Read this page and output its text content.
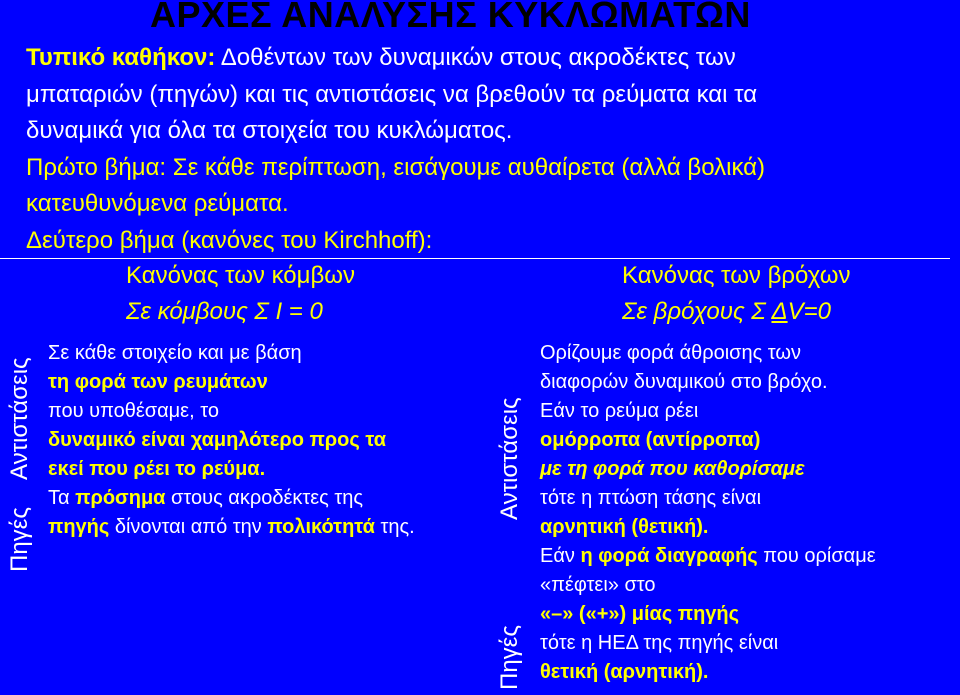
ΑΡΧΕΣ ΑΝΑΛΥΣΗΣ ΚΥΚΛΩΜΑΤΩΝ
Τυπικό καθήκον: Δοθέντων των δυναμικών στους ακροδέκτες των
μπαταριών (πηγών) και τις αντιστάσεις να βρεθούν τα ρεύματα και τα
δυναμικά για όλα τα στοιχεία του κυκλώματος.
Πρώτο βήμα: Σε κάθε περίπτωση, εισάγουμε αυθαίρετα (αλλά βολικά)
κατευθυνόμενα ρεύματα.
Δεύτερο βήμα (κανόνες του Kirchhoff):
Κανόνας των κόμβων
Σε κόμβους Σ I = 0
Κανόνας των βρόχων
Σε βρόχους Σ ΔV=0
Αντιστάσεις
Πηγές
Αντιστάσεις
Πηγές
Σε κάθε στοιχείο και με βάση
τη φορά των ρευμάτων
που υποθέσαμε, το
δυναμικό είναι χαμηλότερο προς τα
εκεί που ρέει το ρεύμα.
Τα πρόσημα στους ακροδέκτες της
πηγής δίνονται από την πολικότητά της.
Ορίζουμε φορά άθροισης των
διαφορών δυναμικού στο βρόχο.
Εάν το ρεύμα ρέει
ομόρροπα (αντίρροπα)
με τη φορά που καθορίσαμε
τότε η πτώση τάσης είναι
αρνητική (θετική).
Εάν η φορά διαγραφής που ορίσαμε
«πέφτει» στο
«–» («+») μίας πηγής
τότε η ΗΕΔ της πηγής είναι
θετική (αρνητική).
